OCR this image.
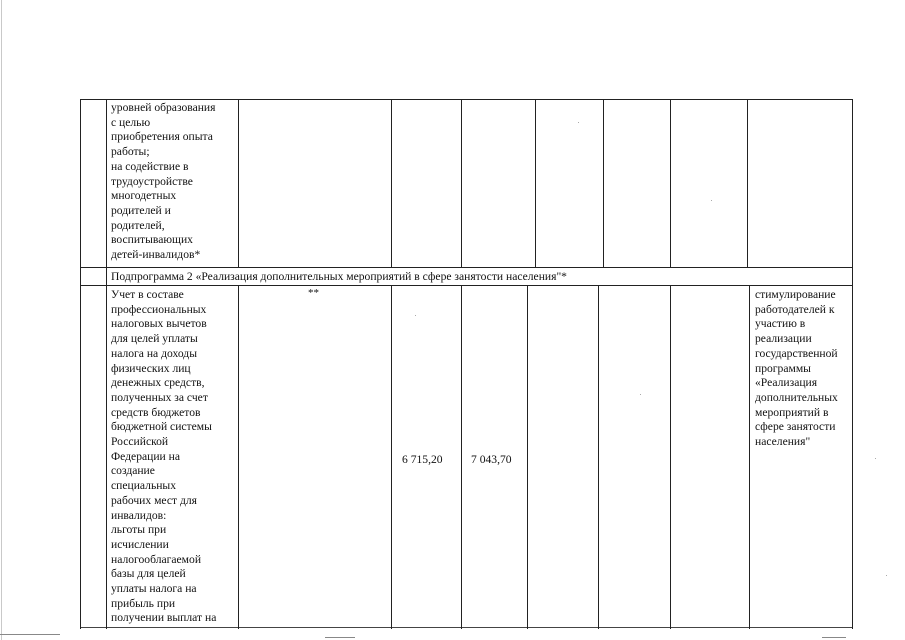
уровней образования
с целью
приобретения опыта
работы;
на содействие в
трудоустройстве
многодетных
родителей и
родителей,
воспитывающих
детей-инвалидов*
Подпрограмма 2 «Реализация дополнительных мероприятий в сфере занятости населения"*
Учет в составе
профессиональных
налоговых вычетов
для целей уплаты
налога на доходы
физических лиц
денежных средств,
полученных за счет
средств бюджетов
бюджетной системы
Российской
Федерации на
создание
специальных
рабочих мест для
инвалидов:
льготы при
исчислении
налогооблагаемой
базы для целей
уплаты налога на
прибыль при
получении выплат на
**
6 715,20 7 043,70
стимулирование
работодателей к
участию в
реализации
государственной
программы
«Реализация
дополнительных
мероприятий в
сфере занятости
населения"
